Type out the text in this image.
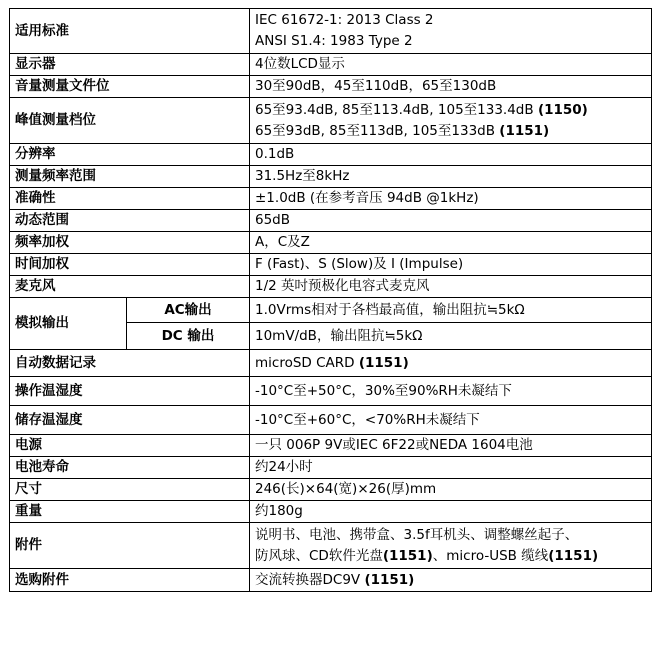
适用标准		IEC 61672-1: 2013 Class 2
ANSI S1.4: 1983 Type 2

显示器		4位数LCD显示

音量测量文件位		30至90dB，45至110dB，65至130dB

峰值测量档位		65至93.4dB, 85至113.4dB, 105至133.4dB (1150)
65至93dB, 85至113dB, 105至133dB (1151)

分辨率		0.1dB

测量频率范围		31.5Hz至8kHz

准确性		±1.0dB (在参考音压 94dB @1kHz)

动态范围		65dB

频率加权		A，C及Z

时间加权		F (Fast)、S (Slow)及 I (Impulse)

麦克风		1/2 英吋预极化电容式麦克风

模拟输出	AC输出	1.0Vrms相对于各档最高值，输出阻抗≒5kΩ
	DC 输出	10mV/dB，输出阻抗≒5kΩ
自动数据记录		microSD CARD (1151)

操作温湿度		-10°C至+50°C，30%至90%RH未凝结下

储存温湿度		-10°C至+60°C，<70%RH未凝结下

电源		一只 006P 9V或IEC 6F22或NEDA 1604电池

电池寿命		约24小时

尺寸		246(长)×64(宽)×26(厚)mm

重量		约180g

附件		说明书、电池、携带盒、3.5f耳机头、调整螺丝起子、
防风球、CD软件光盘(1151)、micro-USB 缆线(1151)

选购附件		交流转换器DC9V (1151)
